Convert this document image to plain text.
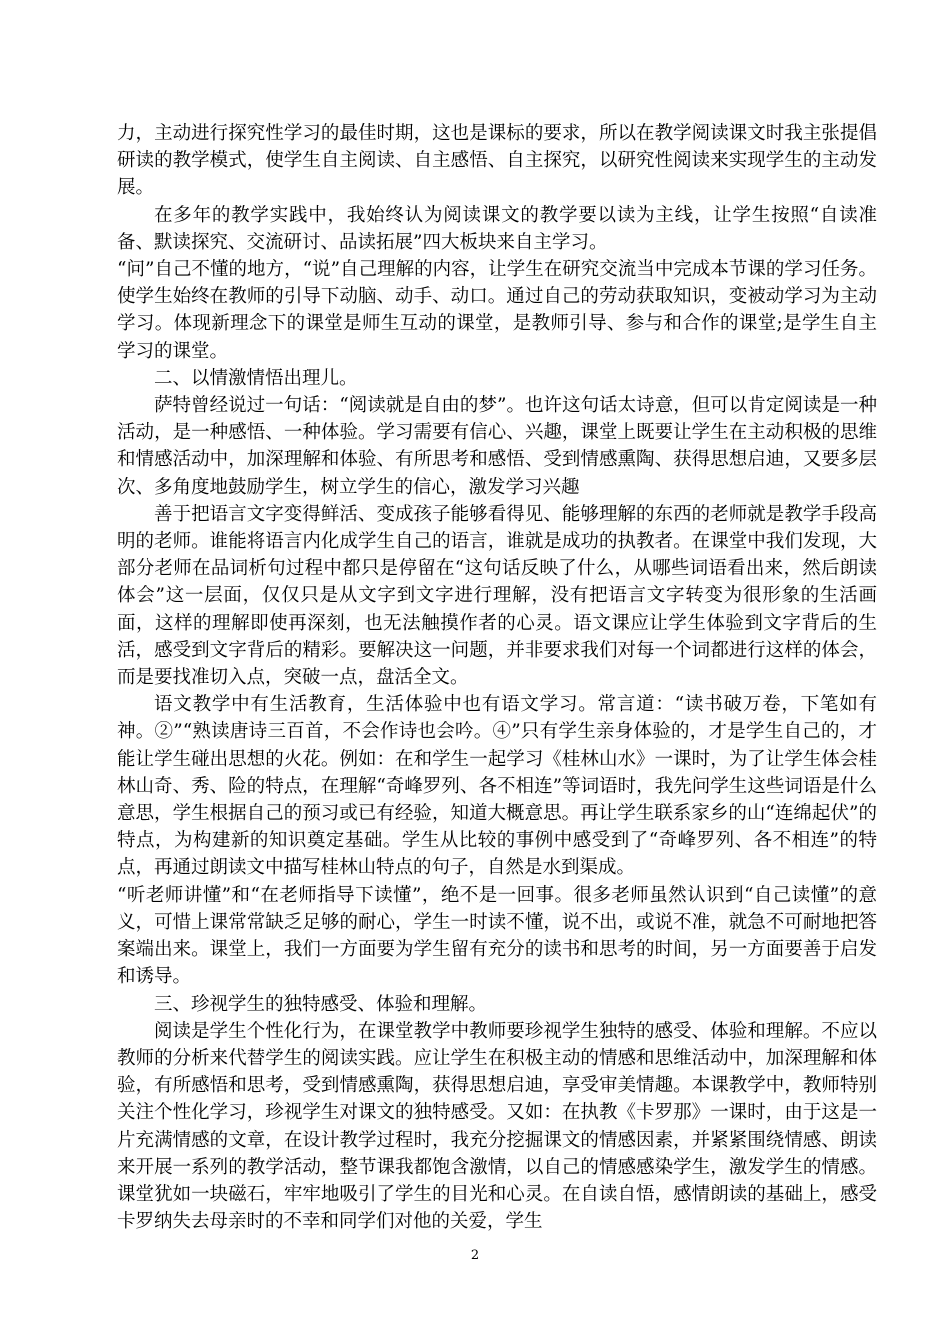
力，主动进行探究性学习的最佳时期，这也是课标的要求，所以在教学阅读课文时我主张提倡研读的教学模式，使学生自主阅读、自主感悟、自主探究，以研究性阅读来实现学生的主动发展。

在多年的教学实践中，我始终认为阅读课文的教学要以读为主线，让学生按照“自读准备、默读探究、交流研讨、品读拓展”四大板块来自主学习。

“问”自己不懂的地方，“说”自己理解的内容，让学生在研究交流当中完成本节课的学习任务。使学生始终在教师的引导下动脑、动手、动口。通过自己的劳动获取知识，变被动学习为主动学习。体现新理念下的课堂是师生互动的课堂，是教师引导、参与和合作的课堂;是学生自主学习的课堂。

二、以情激情悟出理儿。

萨特曾经说过一句话：“阅读就是自由的梦”。也许这句话太诗意，但可以肯定阅读是一种活动，是一种感悟、一种体验。学习需要有信心、兴趣，课堂上既要让学生在主动积极的思维和情感活动中，加深理解和体验、有所思考和感悟、受到情感熏陶、获得思想启迪，又要多层次、多角度地鼓励学生，树立学生的信心，激发学习兴趣

善于把语言文字变得鲜活、变成孩子能够看得见、能够理解的东西的老师就是教学手段高明的老师。谁能将语言内化成学生自己的语言，谁就是成功的执教者。在课堂中我们发现，大部分老师在品词析句过程中都只是停留在“这句话反映了什么，从哪些词语看出来，然后朗读体会”这一层面，仅仅只是从文字到文字进行理解，没有把语言文字转变为很形象的生活画面，这样的理解即使再深刻，也无法触摸作者的心灵。语文课应让学生体验到文字背后的生活，感受到文字背后的精彩。要解决这一问题，并非要求我们对每一个词都进行这样的体会，而是要找准切入点，突破一点，盘活全文。

语文教学中有生活教育，生活体验中也有语文学习。常言道：“读书破万卷，下笔如有神。②”“熟读唐诗三百首，不会作诗也会吟。④”只有学生亲身体验的，才是学生自己的，才能让学生碰出思想的火花。例如：在和学生一起学习《桂林山水》一课时，为了让学生体会桂林山奇、秀、险的特点，在理解“奇峰罗列、各不相连”等词语时，我先问学生这些词语是什么意思，学生根据自己的预习或已有经验，知道大概意思。再让学生联系家乡的山“连绵起伏”的特点，为构建新的知识奠定基础。学生从比较的事例中感受到了“奇峰罗列、各不相连”的特点，再通过朗读文中描写桂林山特点的句子，自然是水到渠成。

“听老师讲懂”和“在老师指导下读懂”，绝不是一回事。很多老师虽然认识到“自己读懂”的意义，可惜上课常常缺乏足够的耐心，学生一时读不懂，说不出，或说不准，就急不可耐地把答案端出来。课堂上，我们一方面要为学生留有充分的读书和思考的时间，另一方面要善于启发和诱导。

三、珍视学生的独特感受、体验和理解。

阅读是学生个性化行为，在课堂教学中教师要珍视学生独特的感受、体验和理解。不应以教师的分析来代替学生的阅读实践。应让学生在积极主动的情感和思维活动中，加深理解和体验，有所感悟和思考，受到情感熏陶，获得思想启迪，享受审美情趣。本课教学中，教师特别关注个性化学习，珍视学生对课文的独特感受。又如：在执教《卡罗那》一课时，由于这是一片充满情感的文章，在设计教学过程时，我充分挖掘课文的情感因素，并紧紧围绕情感、朗读来开展一系列的教学活动，整节课我都饱含激情，以自己的情感感染学生，激发学生的情感。课堂犹如一块磁石，牢牢地吸引了学生的目光和心灵。在自读自悟，感情朗读的基础上，感受卡罗纳失去母亲时的不幸和同学们对他的关爱，学生

2
